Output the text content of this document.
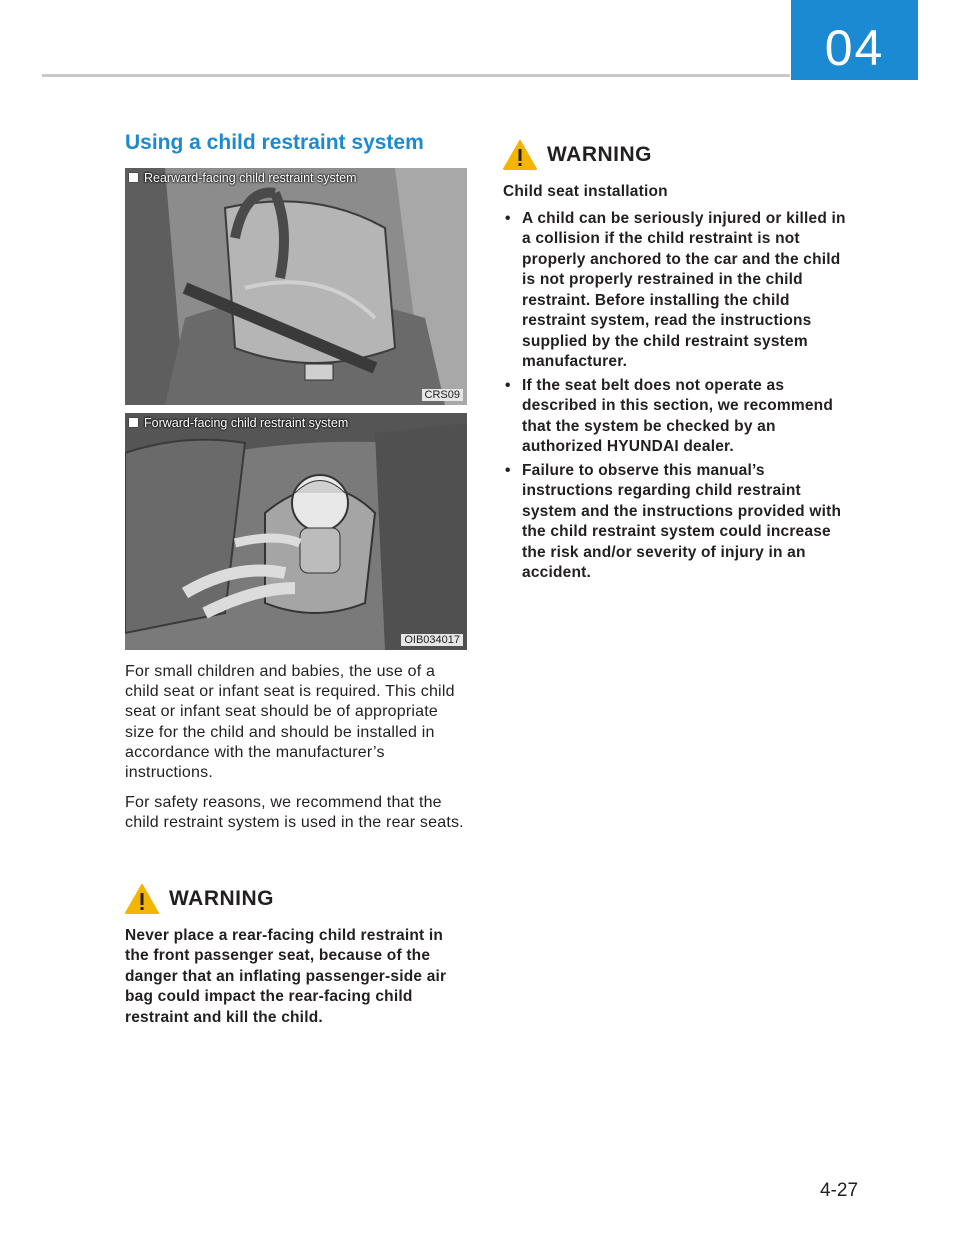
04
Using a child restraint system
Rearward-facing child restraint system
CRS09
Forward-facing child restraint system
OIB034017

For small children and babies, the use of a child seat or infant seat is required. This child seat or infant seat should be of appropriate size for the child and should be installed in accordance with the manufacturer’s instructions.

For safety reasons, we recommend that the child restraint system is used in the rear seats.

WARNING

Never place a rear-facing child restraint in the front passenger seat, because of the danger that an inflating passenger-side air bag could impact the rear-facing child restraint and kill the child.

WARNING

Child seat installation

• A child can be seriously injured or killed in a collision if the child restraint is not properly anchored to the car and the child is not properly restrained in the child restraint. Before installing the child restraint system, read the instructions supplied by the child restraint system manufacturer.
• If the seat belt does not operate as described in this section, we recommend that the system be checked by an authorized HYUNDAI dealer.
• Failure to observe this manual’s instructions regarding child restraint system and the instructions provided with the child restraint system could increase the risk and/or severity of injury in an accident.
4-27
